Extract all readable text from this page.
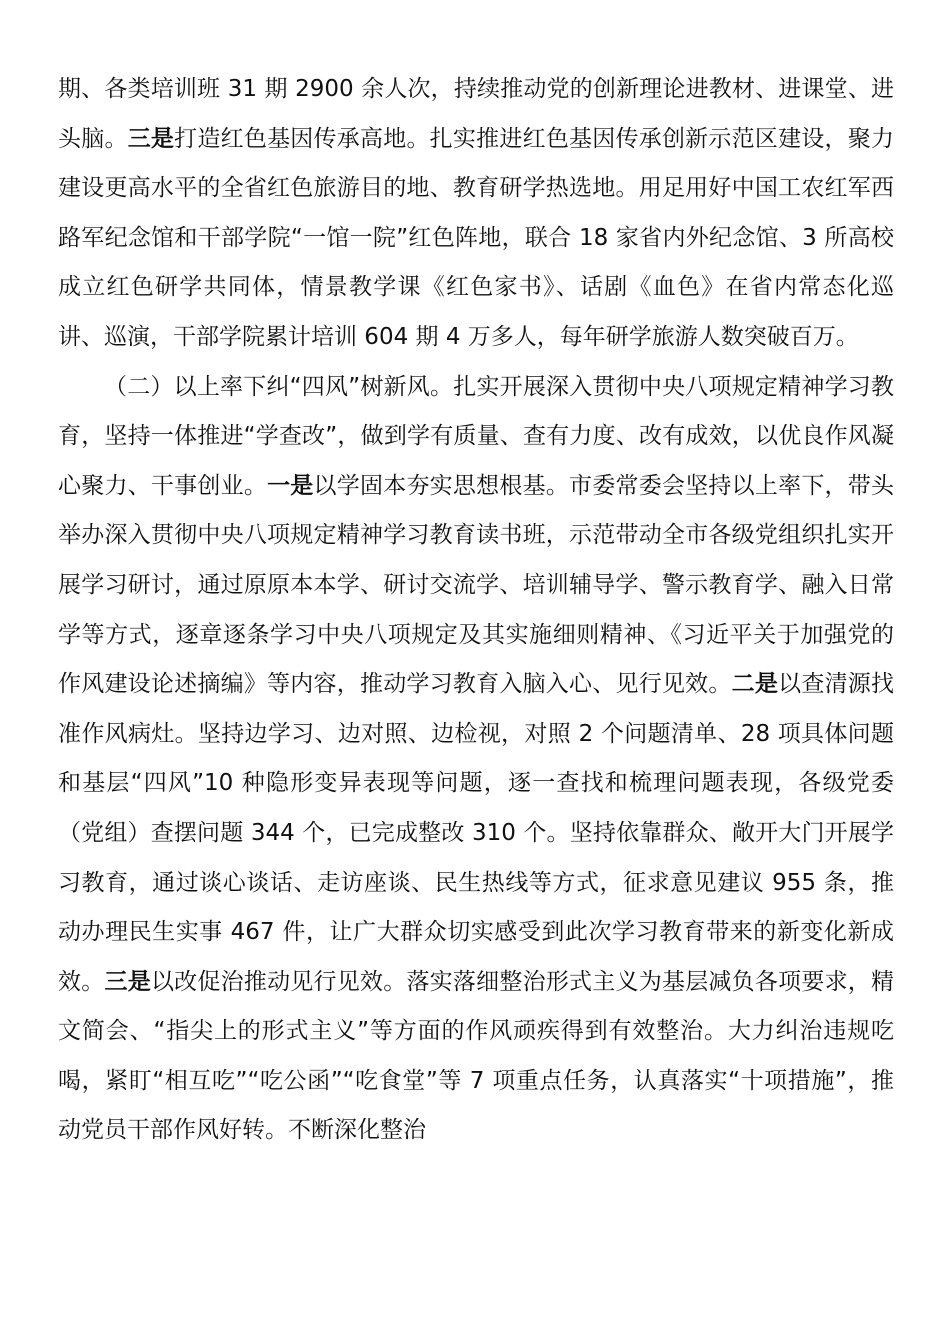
期、各类培训班 31 期 2900 余人次，持续推动党的创新理论进教材、进课堂、进头脑。三是打造红色基因传承高地。扎实推进红色基因传承创新示范区建设，聚力建设更高水平的全省红色旅游目的地、教育研学热选地。用足用好中国工农红军西路军纪念馆和干部学院“一馆一院”红色阵地，联合 18 家省内外纪念馆、3 所高校成立红色研学共同体，情景教学课《红色家书》、话剧《血色》在省内常态化巡讲、巡演，干部学院累计培训 604 期 4 万多人，每年研学旅游人数突破百万。

（二）以上率下纠“四风”树新风。扎实开展深入贯彻中央八项规定精神学习教育，坚持一体推进“学查改”，做到学有质量、查有力度、改有成效，以优良作风凝心聚力、干事创业。一是以学固本夯实思想根基。市委常委会坚持以上率下，带头举办深入贯彻中央八项规定精神学习教育读书班，示范带动全市各级党组织扎实开展学习研讨，通过原原本本学、研讨交流学、培训辅导学、警示教育学、融入日常学等方式，逐章逐条学习中央八项规定及其实施细则精神、《习近平关于加强党的作风建设论述摘编》等内容，推动学习教育入脑入心、见行见效。二是以查清源找准作风病灶。坚持边学习、边对照、边检视，对照 2 个问题清单、28 项具体问题和基层“四风”10 种隐形变异表现等问题，逐一查找和梳理问题表现，各级党委（党组）查摆问题 344 个，已完成整改 310 个。坚持依靠群众、敞开大门开展学习教育，通过谈心谈话、走访座谈、民生热线等方式，征求意见建议 955 条，推动办理民生实事 467 件，让广大群众切实感受到此次学习教育带来的新变化新成效。三是以改促治推动见行见效。落实落细整治形式主义为基层减负各项要求，精文简会、“指尖上的形式主义”等方面的作风顽疾得到有效整治。大力纠治违规吃喝，紧盯“相互吃”“吃公函”“吃食堂”等 7 项重点任务，认真落实“十项措施”，推动党员干部作风好转。不断深化整治
